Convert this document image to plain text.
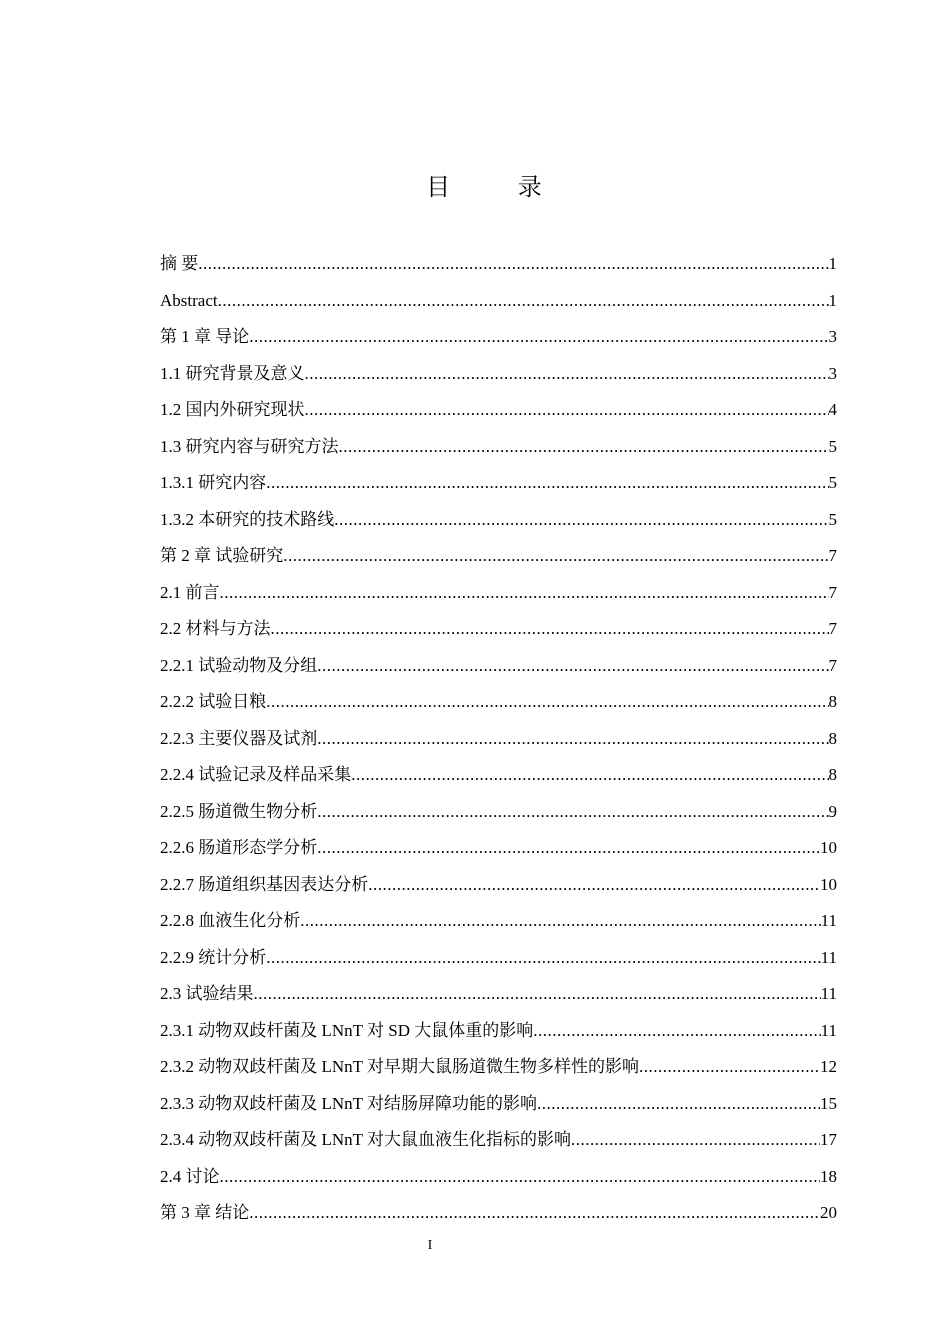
目 录
摘 要 .....	1
Abstract .....	1
第 1 章 导论 .....	3
1.1 研究背景及意义 .....	3
1.2 国内外研究现状 .....	4
1.3 研究内容与研究方法 .....	5
1.3.1 研究内容 .....	5
1.3.2 本研究的技术路线 .....	5
第 2 章 试验研究 .....	7
2.1 前言 .....	7
2.2 材料与方法 .....	7
2.2.1 试验动物及分组 .....	7
2.2.2 试验日粮 .....	8
2.2.3 主要仪器及试剂 .....	8
2.2.4 试验记录及样品采集 .....	8
2.2.5 肠道微生物分析 .....	9
2.2.6 肠道形态学分析 .....	10
2.2.7 肠道组织基因表达分析 .....	10
2.2.8 血液生化分析 .....	11
2.2.9 统计分析 .....	11
2.3 试验结果 .....	11
2.3.1 动物双歧杆菌及 LNnT 对 SD 大鼠体重的影响 .....	11
2.3.2 动物双歧杆菌及 LNnT 对早期大鼠肠道微生物多样性的影响 .....	12
2.3.3 动物双歧杆菌及 LNnT 对结肠屏障功能的影响 .....	15
2.3.4 动物双歧杆菌及 LNnT 对大鼠血液生化指标的影响 .....	17
2.4 讨论 .....	18
第 3 章 结论 .....	20
I
